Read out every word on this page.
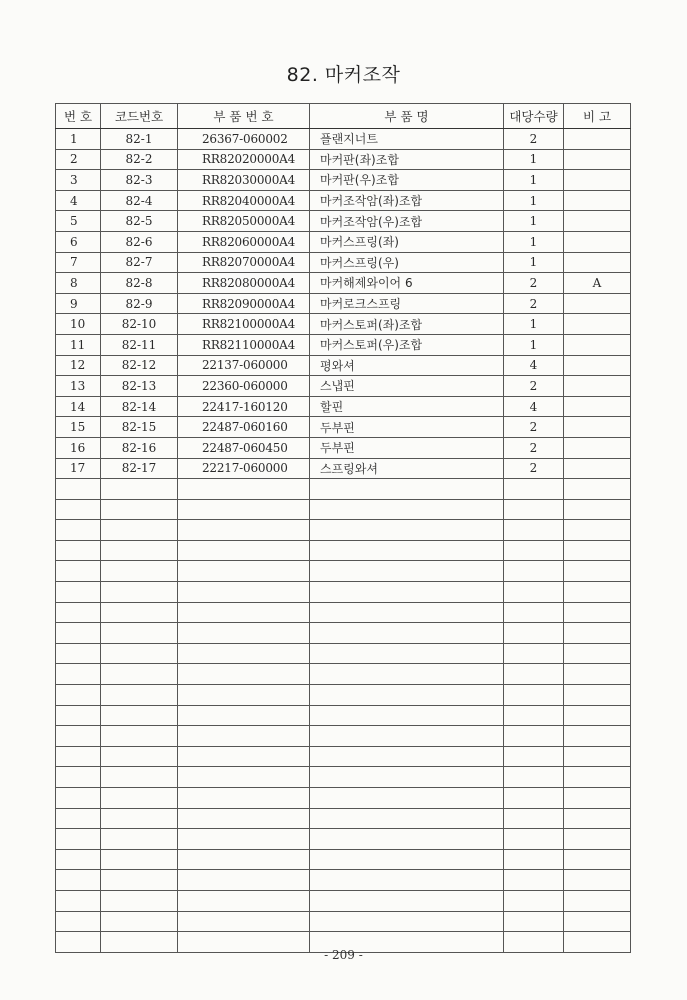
82. 마커조작
번 호	코드번호	부 품 번 호	부 품 명	대당수량	비 고
1	82-1	26367-060002	플랜지너트	2	
2	82-2	RR82020000A4	마커판(좌)조합	1	
3	82-3	RR82030000A4	마커판(우)조합	1	
4	82-4	RR82040000A4	마커조작암(좌)조합	1	
5	82-5	RR82050000A4	마커조작암(우)조합	1	
6	82-6	RR82060000A4	마커스프링(좌)	1	
7	82-7	RR82070000A4	마커스프링(우)	1	
8	82-8	RR82080000A4	마커해제와이어 6	2	A
9	82-9	RR82090000A4	마커로크스프링	2	
10	82-10	RR82100000A4	마커스토퍼(좌)조합	1	
11	82-11	RR82110000A4	마커스토퍼(우)조합	1	
12	82-12	22137-060000	평와셔	4	
13	82-13	22360-060000	스냅핀	2	
14	82-14	22417-160120	할핀	4	
15	82-15	22487-060160	두부핀	2	
16	82-16	22487-060450	두부핀	2	
17	82-17	22217-060000	스프링와셔	2	

- 209 -
